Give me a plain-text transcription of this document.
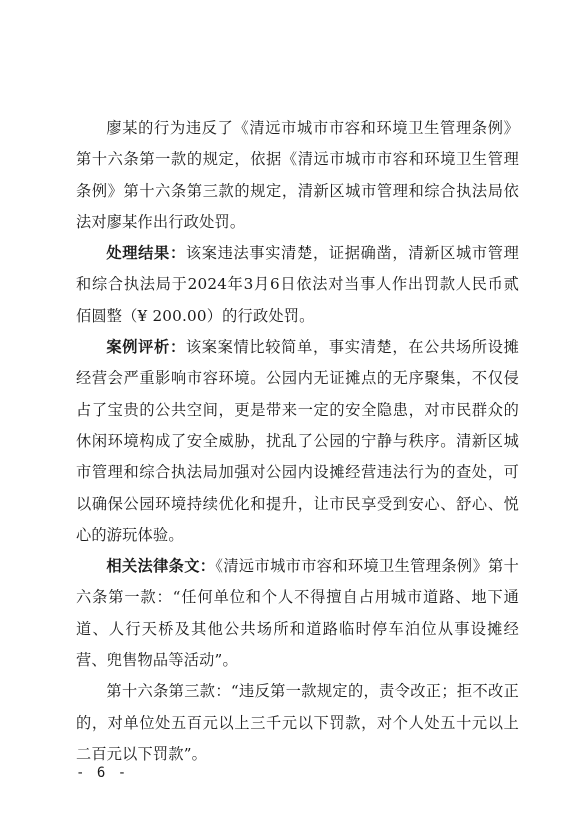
廖某的行为违反了《清远市城市市容和环境卫生管理条例》第十六条第一款的规定，依据《清远市城市市容和环境卫生管理条例》第十六条第三款的规定，清新区城市管理和综合执法局依法对廖某作出行政处罚。

处理结果：该案违法事实清楚，证据确凿，清新区城市管理和综合执法局于2024年3月6日依法对当事人作出罚款人民币贰佰圆整（¥ 200.00）的行政处罚。

案例评析：该案案情比较简单，事实清楚，在公共场所设摊经营会严重影响市容环境。公园内无证摊点的无序聚集，不仅侵占了宝贵的公共空间，更是带来一定的安全隐患，对市民群众的休闲环境构成了安全威胁，扰乱了公园的宁静与秩序。清新区城市管理和综合执法局加强对公园内设摊经营违法行为的查处，可以确保公园环境持续优化和提升，让市民享受到安心、舒心、悦心的游玩体验。

相关法律条文：《清远市城市市容和环境卫生管理条例》第十六条第一款：“任何单位和个人不得擅自占用城市道路、地下通道、人行天桥及其他公共场所和道路临时停车泊位从事设摊经营、兜售物品等活动”。

第十六条第三款：“违反第一款规定的，责令改正；拒不改正的，对单位处五百元以上三千元以下罚款，对个人处五十元以上二百元以下罚款”。

- 6 -
